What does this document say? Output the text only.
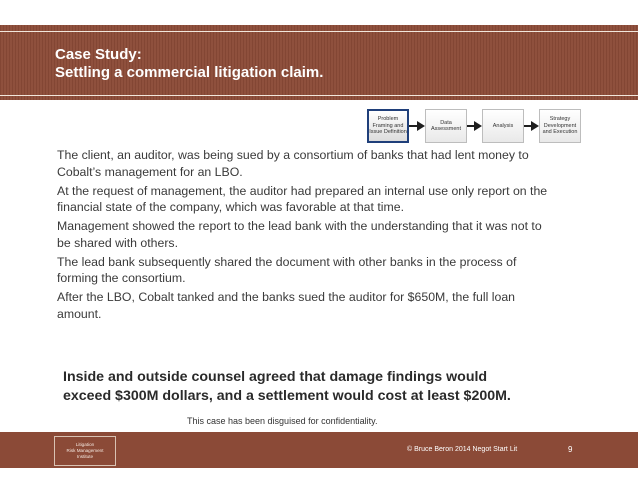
Case Study:
Settling a commercial litigation claim.
Problem Framing and Issue Definition
Data Assessment
Analysis
Strategy Development and Execution

The client, an auditor, was being sued by a consortium of banks that had lent money to Cobalt’s management for an LBO.

At the request of management, the auditor had prepared an internal use only report on the financial state of the company, which was favorable at that time.

Management showed the report to the lead bank with the understanding that it was not to be shared with others.

The lead bank subsequently shared the document with other banks in the process of forming the consortium.

After the LBO, Cobalt tanked and the banks sued the auditor for $650M, the full loan amount.

Inside and outside counsel agreed that damage findings would
exceed $300M dollars, and a settlement would cost at least $200M.
This case has been disguised for confidentiality.
Litigation
Risk Management
Institute
© Bruce Beron 2014 Negot Start Lit	9
